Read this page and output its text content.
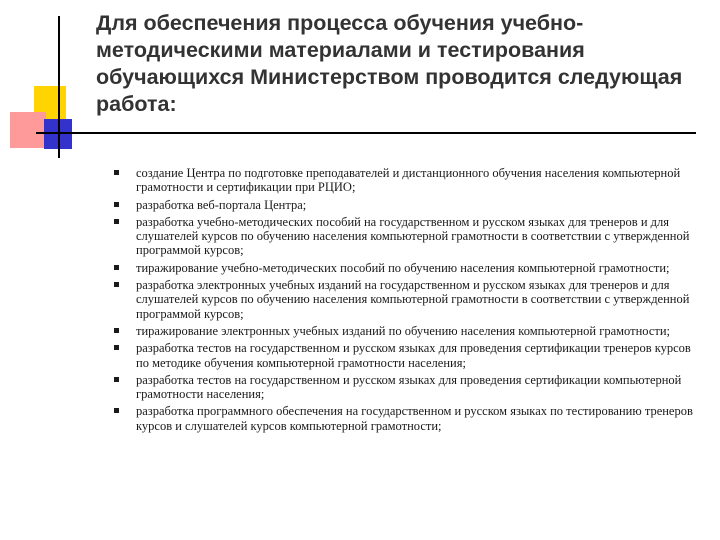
Для обеспечения процесса обучения учебно-методическими материалами и тестирования обучающихся Министерством проводится следующая работа:
создание Центра по подготовке преподавателей и дистанционного обучения населения компьютерной грамотности и сертификации при РЦИО;
разработка веб-портала Центра;
разработка учебно-методических пособий на государственном и русском языках для тренеров и для слушателей курсов по обучению населения компьютерной грамотности в соответствии с утвержденной программой курсов;
тиражирование учебно-методических пособий по обучению населения компьютерной грамотности;
разработка электронных учебных изданий на государственном и русском языках для тренеров и для слушателей курсов по обучению населения компьютерной грамотности в соответствии с утвержденной программой курсов;
тиражирование электронных учебных изданий по обучению населения компьютерной грамотности;
разработка тестов на государственном и русском языках для проведения сертификации тренеров курсов по методике обучения компьютерной грамотности населения;
разработка тестов на государственном и русском языках для проведения сертификации компьютерной грамотности населения;
разработка программного обеспечения на государственном и русском языках по тестированию тренеров курсов и слушателей курсов компьютерной грамотности;
